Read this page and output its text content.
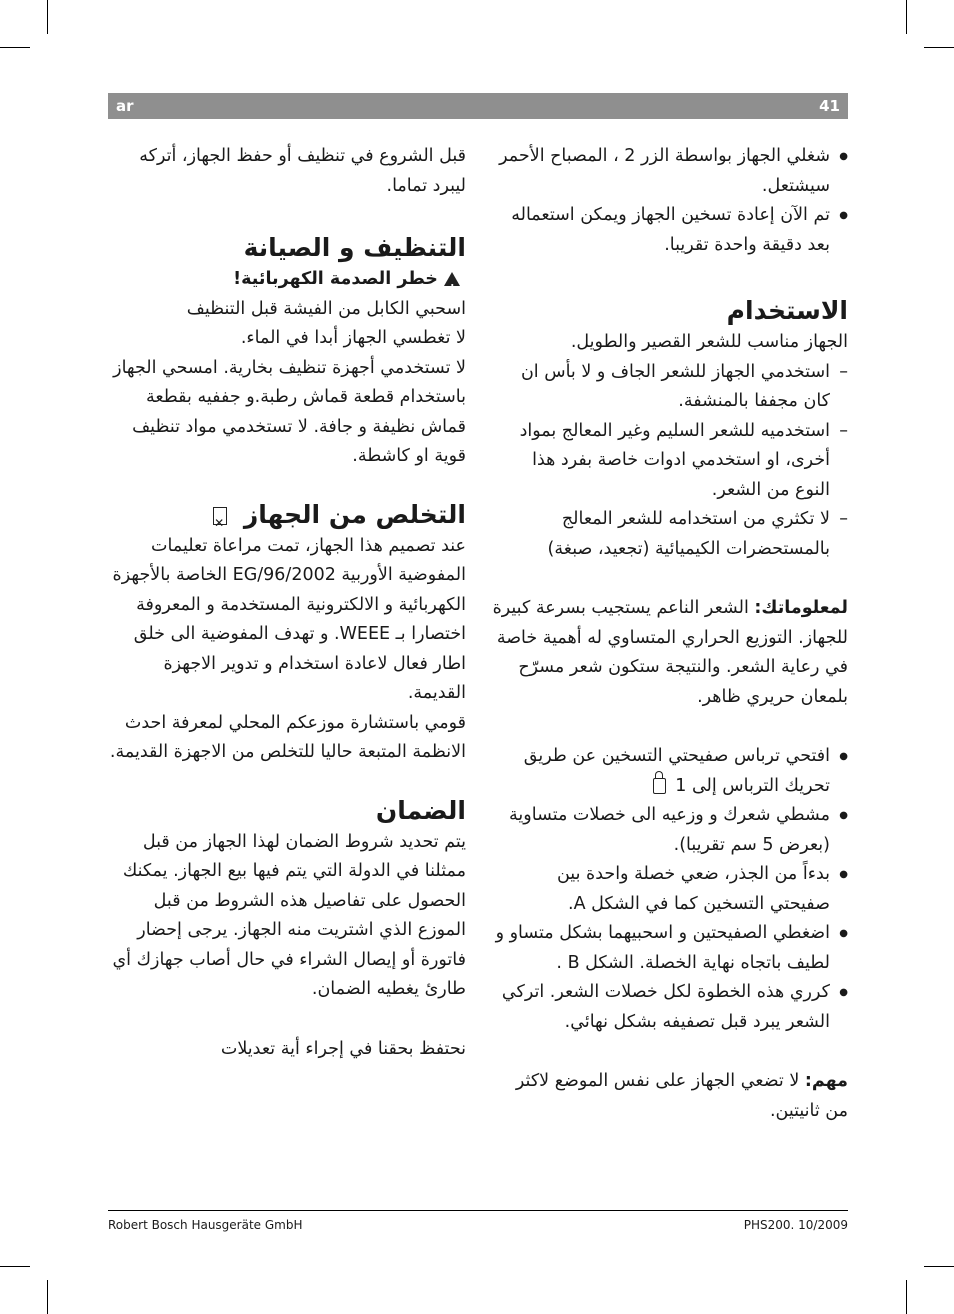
ar	41
● شغلي الجهاز بواسطة الزر 2 ، المصباح الأحمر سيشتعل.
● تم الآن إعادة تسخين الجهاز ويمكن استعماله بعد دقيقة واحدة تقريبا.
الاستخدام

الجهاز مناسب للشعر القصير والطويل.

– استخدمي الجهاز للشعر الجاف و لا بأس ان كان مجففا بالمنشفة.
– استخدميه للشعر السليم وغير المعالج بمواد أخرى، او استخدمي ادوات خاصة بفرد هذا النوع من الشعر.
– لا تكثري من استخدامه للشعر المعالج بالمستحضرات الكيميائية (تجعيد، صبغة)

لمعلوماتك: الشعر الناعم يستجيب بسرعة كبيرة للجهاز. التوزيع الحراري المتساوي له أهمية خاصة في رعاية الشعر. والنتيجة ستكون شعر مسرّح بلمعان حريري ظاهر.

● افتحي ترباس صفيحتي التسخين عن طريق تحريك الترباس إلى 1
● مشطي شعرك و وزعيه الى خصلات متساوية (بعرض 5 سم تقريبا).
● بدءاً من الجذر، ضعي خصلة واحدة بين صفيحتي التسخين كما في الشكل A.
● اضغطي الصفيحتين و اسحبيهما بشكل متساو و لطيف باتجاه نهاية الخصلة. الشكل B .
● كرري هذه الخطوة لكل خصلات الشعر. اتركي الشعر يبرد قبل تصفيفه بشكل نهائي.

مهم: لا تضعي الجهاز على نفس الموضع لاكثر من ثانيتين.

قبل الشروع في تنظيف أو حفظ الجهاز، أتركه ليبرد تماما.

التنظيف و الصيانة

! خطر الصدمة الكهربائية!

اسحبي الكابل من الفيشة قبل التنظيف

لا تغطسي الجهاز أبدا في الماء.

لا تستخدمي أجهزة تنظيف بخارية. امسحي الجهاز باستخدام قطعة قماش رطبة.و جففيه بقطعة قماش نظيفة و جافة. لا تستخدمي مواد تنظيف قوية او كاشطة.

التخلص من الجهاز ✕

عند تصميم هذا الجهاز، تمت مراعاة تعليمات المفوضية الأوربية EG/96/2002 الخاصة بالأجهزة الكهربائية و الالكترونية المستخدمة و المعروفة اختصارا بـ WEEE. و تهدف المفوضية الى خلق اطار فعال لاعادة استخدام و تدوير الاجهزة القديمة.

قومي باستشارة موزعكم المحلي لمعرفة احدث الانظمة المتبعة حاليا للتخلص من الاجهزة القديمة.

الضمان

يتم تحديد شروط الضمان لهذا الجهاز من قبل ممثلنا في الدولة التي يتم فيها بيع الجهاز. يمكنك الحصول على تفاصيل هذه الشروط من قبل الموزع الذي اشتريت منه الجهاز. يرجى إحضار فاتورة أو إيصال الشراء في حال أصاب جهازك أي طارئ يغطيه الضمان.

نحتفظ بحقنا في إجراء أية تعديلات

Robert Bosch Hausgeräte GmbH	PHS200. 10/2009
